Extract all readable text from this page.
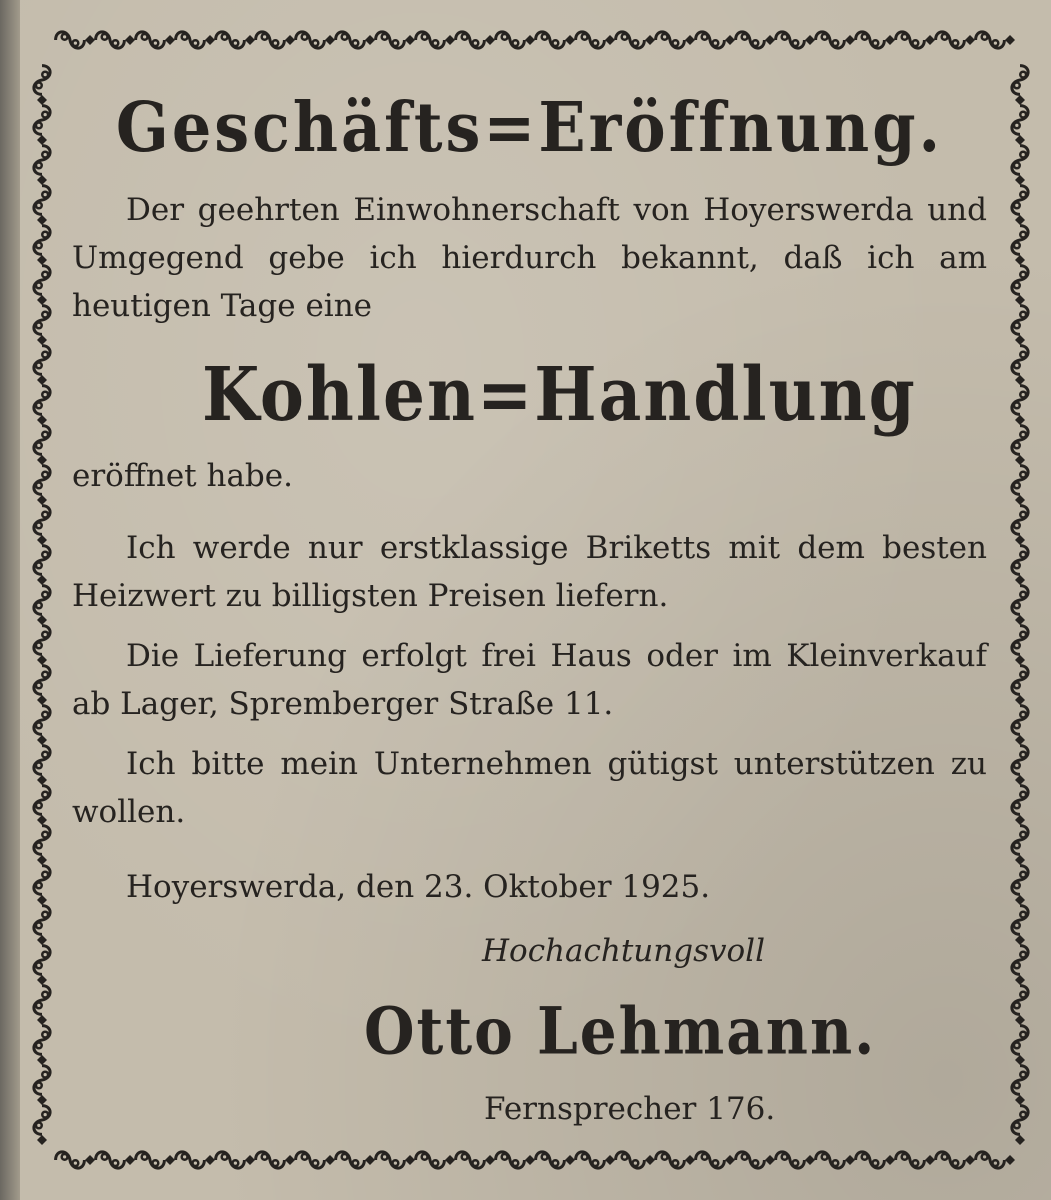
Geschäfts=Eröffnung.

Der geehrten Einwohnerschaft von Hoyerswerda und Umgegend gebe ich hierdurch bekannt, daß ich am heutigen Tage eine

Kohlen=Handlung

eröffnet habe.

Ich werde nur erstklassige Briketts mit dem besten Heizwert zu billigsten Preisen liefern.

Die Lieferung erfolgt frei Haus oder im Kleinverkauf ab Lager, Spremberger Straße 11.

Ich bitte mein Unternehmen gütigst unterstützen zu wollen.

Hoyerswerda, den 23. Oktober 1925.
Hochachtungsvoll
Otto Lehmann.
Fernsprecher 176.
